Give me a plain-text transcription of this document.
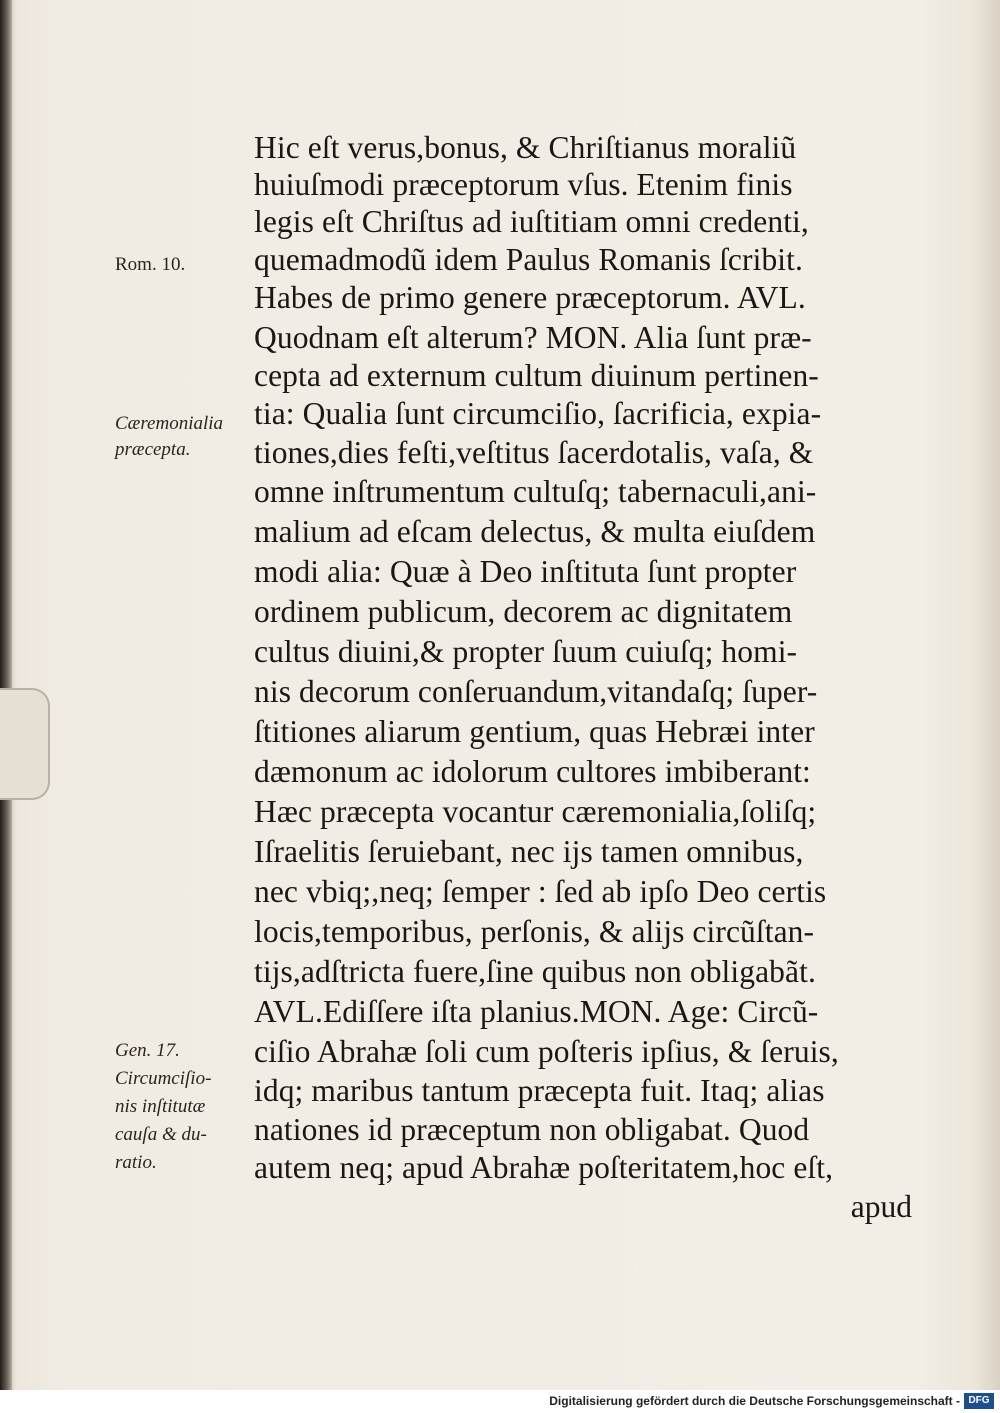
Hic eſt verus,bonus, & Chriſtianus moraliũ
huiuſmodi præceptorum vſus. Etenim finis
legis eſt Chriſtus ad iuſtitiam omni credenti,
quemadmodũ idem Paulus Romanis ſcribit.
Habes de primo genere præceptorum. AVL.
Quodnam eſt alterum? MON. Alia ſunt præ-
cepta ad externum cultum diuinum pertinen-
tia: Qualia ſunt circumciſio, ſacrificia, expia-
tiones,dies feſti,veſtitus ſacerdotalis, vaſa, &
omne inſtrumentum cultuſq; tabernaculi,ani-
malium ad eſcam delectus, & multa eiuſdem
modi alia: Quæ à Deo inſtituta ſunt propter
ordinem publicum, decorem ac dignitatem
cultus diuini,& propter ſuum cuiuſq; homi-
nis decorum conſeruandum,vitandaſq; ſuper-
ſtitiones aliarum gentium, quas Hebræi inter
dæmonum ac idolorum cultores imbiberant:
Hæc præcepta vocantur cæremonialia,ſoliſq;
Iſraelitis ſeruiebant, nec ijs tamen omnibus,
nec vbiq;,neq; ſemper : ſed ab ipſo Deo certis
locis,temporibus, perſonis, & alijs circũſtan-
tijs,adſtricta fuere,ſine quibus non obligabãt.
AVL.Ediſſere iſta planius.MON. Age: Circũ-
ciſio Abrahæ ſoli cum poſteris ipſius, & ſeruis,
idq; maribus tantum præcepta fuit. Itaq; alias
nationes id præceptum non obligabat. Quod
autem neq; apud Abrahæ poſteritatem,hoc eſt,
apud
Rom. 10.
Cæremonialia
præcepta.
Gen. 17.
Circumciſio-
nis inſtitutæ
cauſa & du-
ratio.
Digitalisierung gefördert durch die Deutsche Forschungsgemeinschaft - DFG
